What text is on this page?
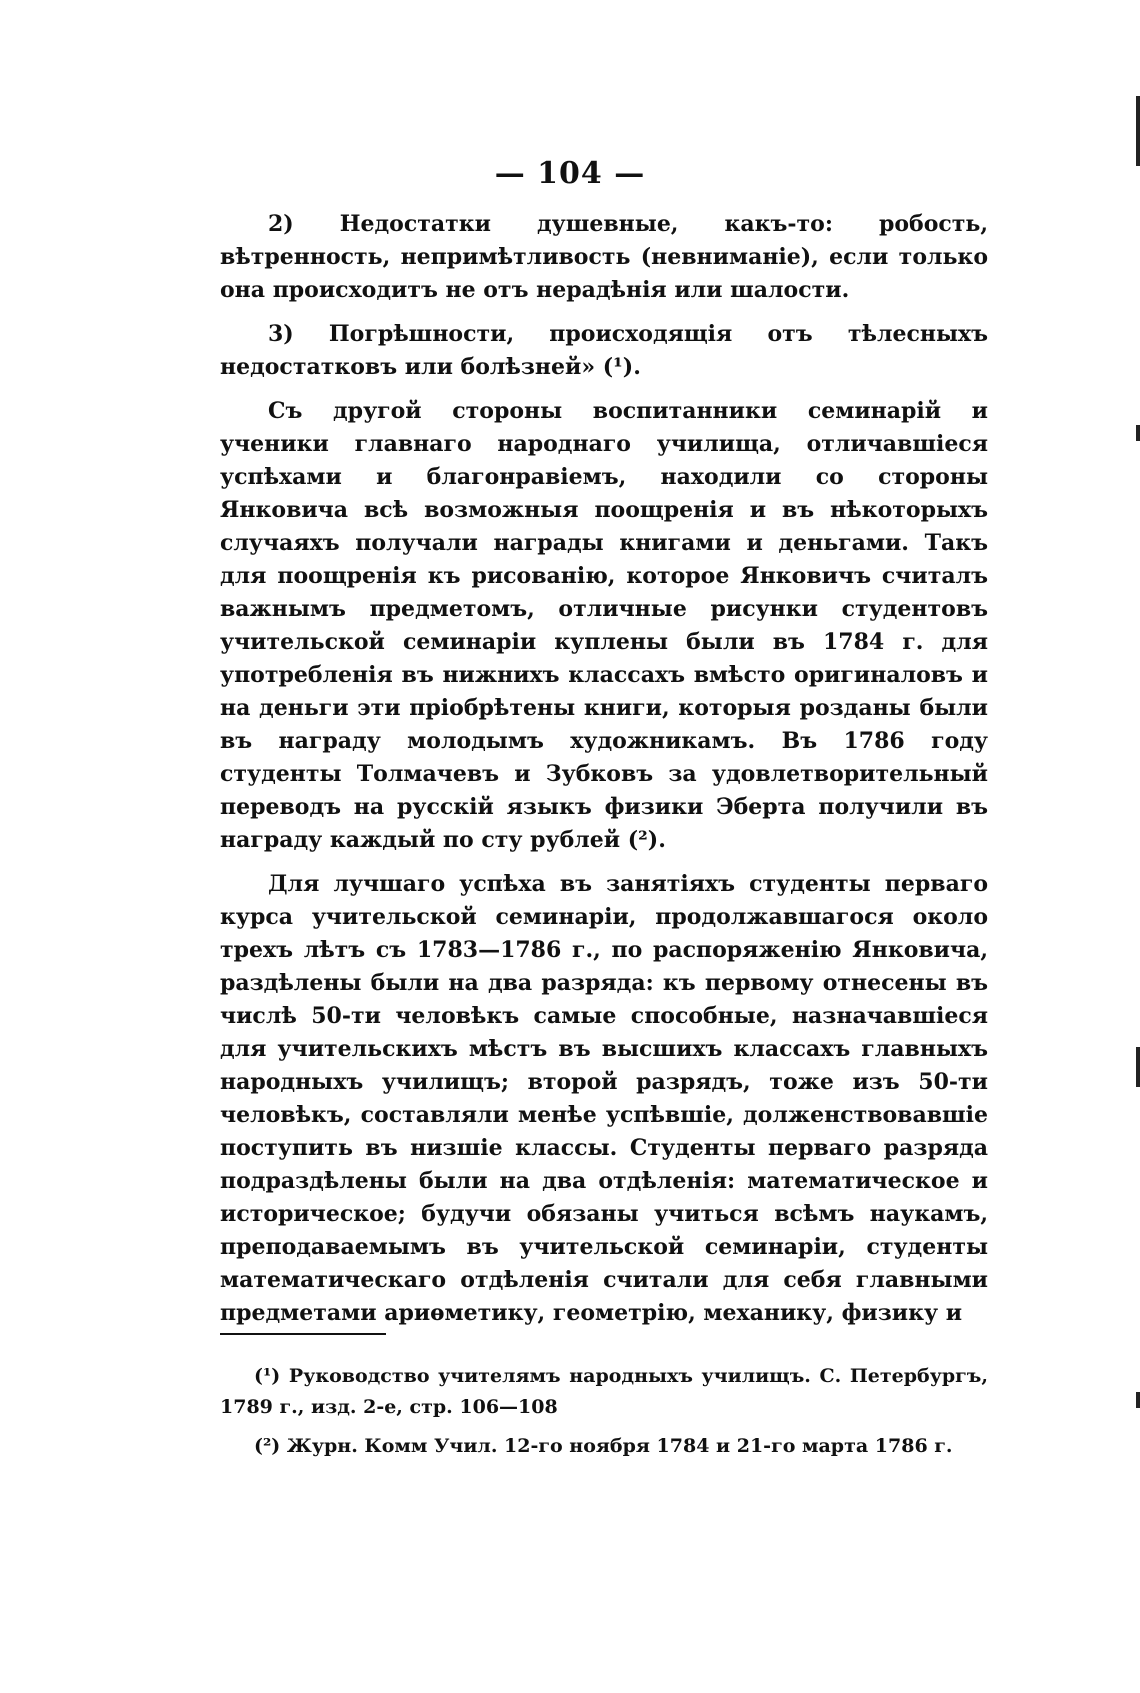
— 104 —

2) Недостатки душевные, какъ-то: робость, вѣтренность, непримѣтливость (невниманіе), если только она происходитъ не отъ нерадѣнія или шалости.

3) Погрѣшности, происходящія отъ тѣлесныхъ недостатковъ или болѣзней» (¹).

Съ другой стороны воспитанники семинарій и ученики главнаго народнаго училища, отличавшіеся успѣхами и благонравіемъ, находили со стороны Янковича всѣ возможныя поощренія и въ нѣкоторыхъ случаяхъ получали награды книгами и деньгами. Такъ для поощренія къ рисованію, которое Янковичъ считалъ важнымъ предметомъ, отличные рисунки студентовъ учительской семинаріи куплены были въ 1784 г. для употребленія въ нижнихъ классахъ вмѣсто оригиналовъ и на деньги эти пріобрѣтены книги, которыя розданы были въ награду молодымъ художникамъ. Въ 1786 году студенты Толмачевъ и Зубковъ за удовлетворительный переводъ на русскій языкъ физики Эберта получили въ награду каждый по сту рублей (²).

Для лучшаго успѣха въ занятіяхъ студенты перваго курса учительской семинаріи, продолжавшагося около трехъ лѣтъ съ 1783—1786 г., по распоряженію Янковича, раздѣлены были на два разряда: къ первому отнесены въ числѣ 50-ти человѣкъ самые способные, назначавшіеся для учительскихъ мѣстъ въ высшихъ классахъ главныхъ народныхъ училищъ; второй разрядъ, тоже изъ 50-ти человѣкъ, составляли менѣе успѣвшіе, долженствовавшіе поступить въ низшіе классы. Студенты перваго разряда подраздѣлены были на два отдѣленія: математическое и историческое; будучи обязаны учиться всѣмъ наукамъ, преподаваемымъ въ учительской семинаріи, студенты математическаго отдѣленія считали для себя главными предметами ариѳметику, геометрію, механику, физику и

(¹) Руководство учителямъ народныхъ училищъ. С. Петербургъ, 1789 г., изд. 2-е, стр. 106—108

(²) Журн. Комм Учил. 12-го ноября 1784 и 21-го марта 1786 г.
